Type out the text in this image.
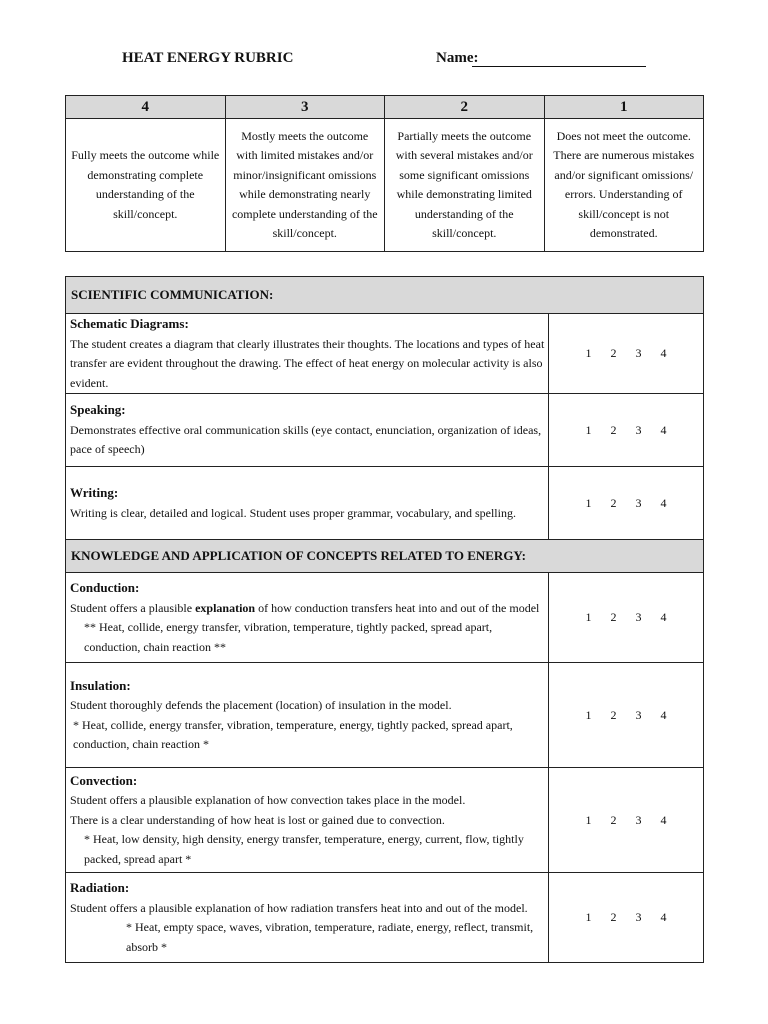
HEAT ENERGY RUBRIC	Name:
4	3	2	1
Fully meets the outcome while demonstrating complete understanding of the skill/concept.	Mostly meets the outcome with limited mistakes and/or minor/insignificant omissions while demonstrating nearly complete understanding of the skill/concept.	Partially meets the outcome with several mistakes and/or some significant omissions while demonstrating limited understanding of the skill/concept.	Does not meet the outcome. There are numerous mistakes and/or significant omissions/ errors. Understanding of skill/concept is not demonstrated.
SCIENTIFIC COMMUNICATION:	
Schematic Diagrams:
The student creates a diagram that clearly illustrates their thoughts. The locations and types of heat transfer are evident throughout the drawing. The effect of heat energy on molecular activity is also evident.	1 2 3 4
Speaking:
Demonstrates effective oral communication skills (eye contact, enunciation, organization of ideas, pace of speech)	1 2 3 4
Writing:
Writing is clear, detailed and logical. Student uses proper grammar, vocabulary, and spelling.	1 2 3 4
KNOWLEDGE AND APPLICATION OF CONCEPTS RELATED TO ENERGY:	
Conduction:
Student offers a plausible explanation of how conduction transfers heat into and out of the model
** Heat, collide, energy transfer, vibration, temperature, tightly packed, spread apart, conduction, chain reaction **	1 2 3 4
Insulation:
Student thoroughly defends the placement (location) of insulation in the model.
* Heat, collide, energy transfer, vibration, temperature, energy, tightly packed, spread apart, conduction, chain reaction *	1 2 3 4
Convection:
Student offers a plausible explanation of how convection takes place in the model.
There is a clear understanding of how heat is lost or gained due to convection.
* Heat, low density, high density, energy transfer, temperature, energy, current, flow, tightly packed, spread apart *	1 2 3 4
Radiation:
Student offers a plausible explanation of how radiation transfers heat into and out of the model.
* Heat, empty space, waves, vibration, temperature, radiate, energy, reflect, transmit, absorb *	1 2 3 4
